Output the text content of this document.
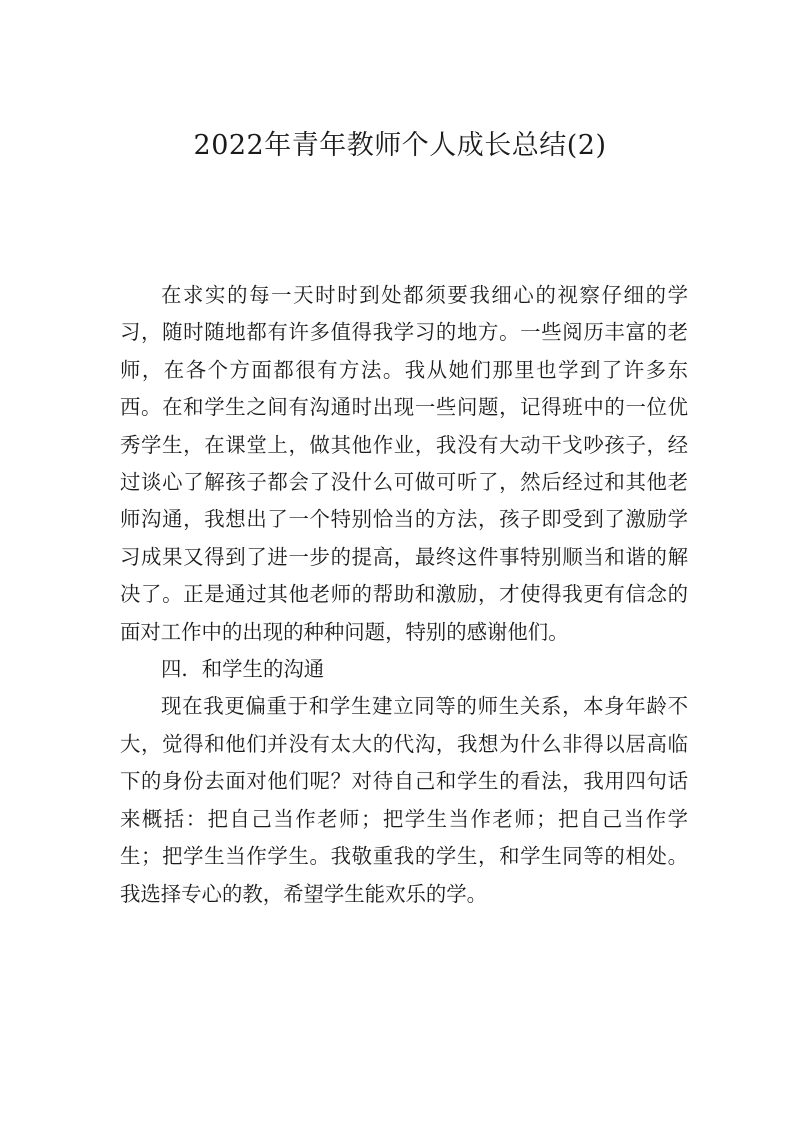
2022年青年教师个人成长总结(2)

在求实的每一天时时到处都须要我细心的视察仔细的学习，随时随地都有许多值得我学习的地方。一些阅历丰富的老师，在各个方面都很有方法。我从她们那里也学到了许多东西。在和学生之间有沟通时出现一些问题，记得班中的一位优秀学生，在课堂上，做其他作业，我没有大动干戈吵孩子，经过谈心了解孩子都会了没什么可做可听了，然后经过和其他老师沟通，我想出了一个特别恰当的方法，孩子即受到了激励学习成果又得到了进一步的提高，最终这件事特别顺当和谐的解决了。正是通过其他老师的帮助和激励，才使得我更有信念的面对工作中的出现的种种问题，特别的感谢他们。

四．和学生的沟通

现在我更偏重于和学生建立同等的师生关系，本身年龄不大，觉得和他们并没有太大的代沟，我想为什么非得以居高临下的身份去面对他们呢？对待自己和学生的看法，我用四句话来概括：把自己当作老师；把学生当作老师；把自己当作学生；把学生当作学生。我敬重我的学生，和学生同等的相处。我选择专心的教，希望学生能欢乐的学。
